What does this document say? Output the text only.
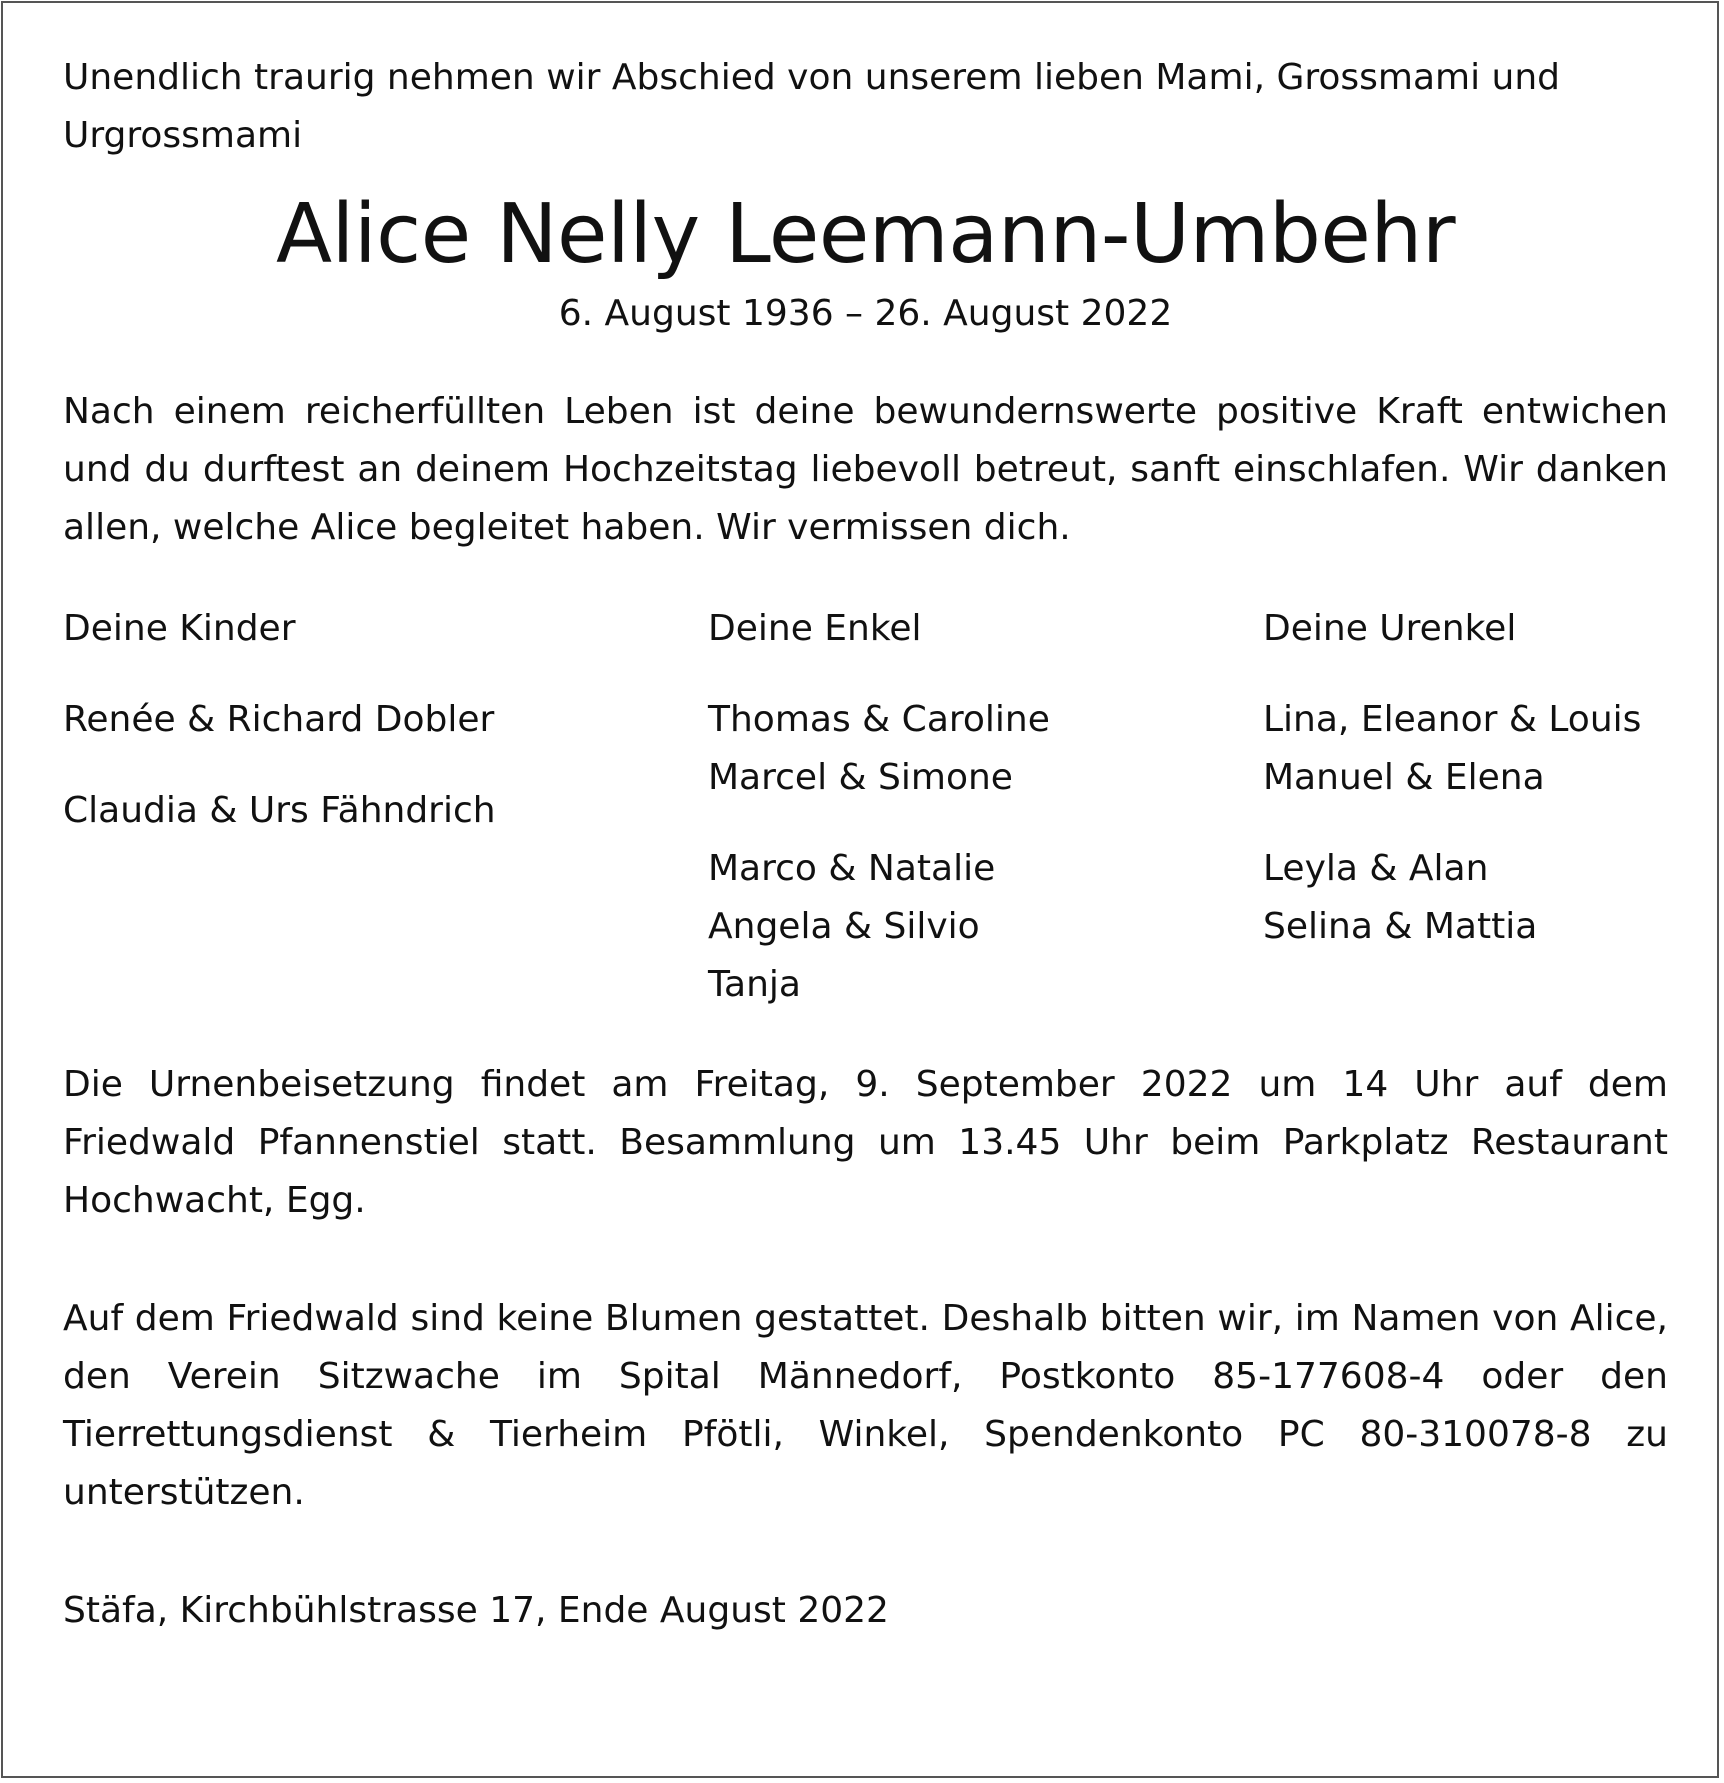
Unendlich traurig nehmen wir Abschied von unserem lieben Mami, Grossmami und Urgrossmami

Alice Nelly Leemann-Umbehr

6. August 1936 – 26. August 2022

Nach einem reicherfüllten Leben ist deine bewundernswerte positive Kraft entwichen und du durftest an deinem Hochzeitstag liebevoll betreut, sanft einschlafen. Wir danken allen, welche Alice begleitet haben. Wir vermissen dich.

Deine Kinder

Renée & Richard Dobler

Claudia & Urs Fähndrich

Deine Enkel

Thomas & Caroline

Marcel & Simone

Marco & Natalie

Angela & Silvio

Tanja

Deine Urenkel

Lina, Eleanor & Louis

Manuel & Elena

Leyla & Alan

Selina & Mattia

Die Urnenbeisetzung findet am Freitag, 9. September 2022 um 14 Uhr auf dem Friedwald Pfannenstiel statt. Besammlung um 13.45 Uhr beim Parkplatz Restaurant Hochwacht, Egg.

Auf dem Friedwald sind keine Blumen gestattet. Deshalb bitten wir, im Namen von Alice, den Verein Sitzwache im Spital Männedorf, Postkonto 85-177608-4 oder den Tierrettungsdienst & Tierheim Pfötli, Winkel, Spendenkonto PC 80-310078-8 zu unterstützen.

Stäfa, Kirchbühlstrasse 17, Ende August 2022
